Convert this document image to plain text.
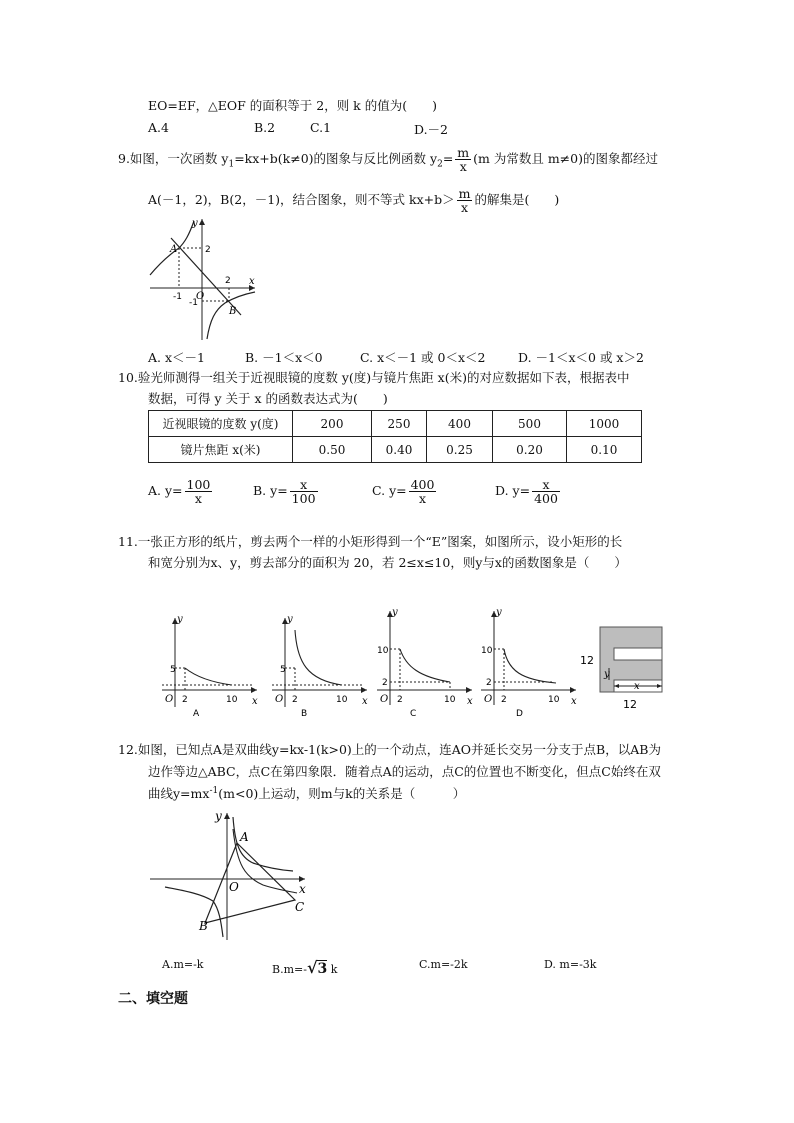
EO=EF，△EOF 的面积等于 2，则 k 的值为(　　)
A.4	B.2	C.1	D.－2
9.如图，一次函数 $y_1=kx+b(k\ne 0)$的图象与反比例函数 $y_2= \frac{m}{x} (m$ 为常数且 m≠0)的图象都经过
A(－1，2)，B(2，－1)，结合图象，则不等式 $kx+b> \frac{m}{x}$ 的解集是(　　)
A
B
2
-1
2
-1
O
x
y
A. x＜－1	B. －1＜x＜0	C. x＜－1 或 0＜x＜2	D. －1＜x＜0 或 x＞2
10.验光师测得一组关于近视眼镜的度数 y(度)与镜片焦距 x(米)的对应数据如下表，根据表中
数据，可得 y 关于 x 的函数表达式为(　　)
近视眼镜的度数 y(度)	200	250	400	500	1000
镜片焦距 x(米)	0.50	0.40	0.25	0.20	0.10
A. $y= \frac{100}{x}$	B. $y= \frac{x}{100}$	C. $y= \frac{400}{x}$	D. $y= \frac{x}{400}$
11.一张正方形的纸片，剪去两个一样的小矩形得到一个“E”图案，如图所示，设小矩形的长
和宽分别为x、y，剪去部分的面积为 20，若 2≤x≤10，则y与x的函数图象是（　　）
5
2	10
O
y
x
A
5
2	10
O
y
x
B
10
2
2	10
O
y
x
C
10
2
2	10
O
y
x
D
y
x
12
12
12.如图，已知点A是双曲线y=kx-1(k>0)上的一个动点，连AO并延长交另一分支于点B，以AB为
边作等边△ABC，点C在第四象限．随着点A的运动，点C的位置也不断变化，但点C始终在双
曲线$y=mx^{-1}(m<0)$上运动，则m与k的关系是（　　　）
A
B
C
O
y
x
A.m=-k	B.m=-√3 k	C.m=-2k	D. m=-3k
二、填空题
